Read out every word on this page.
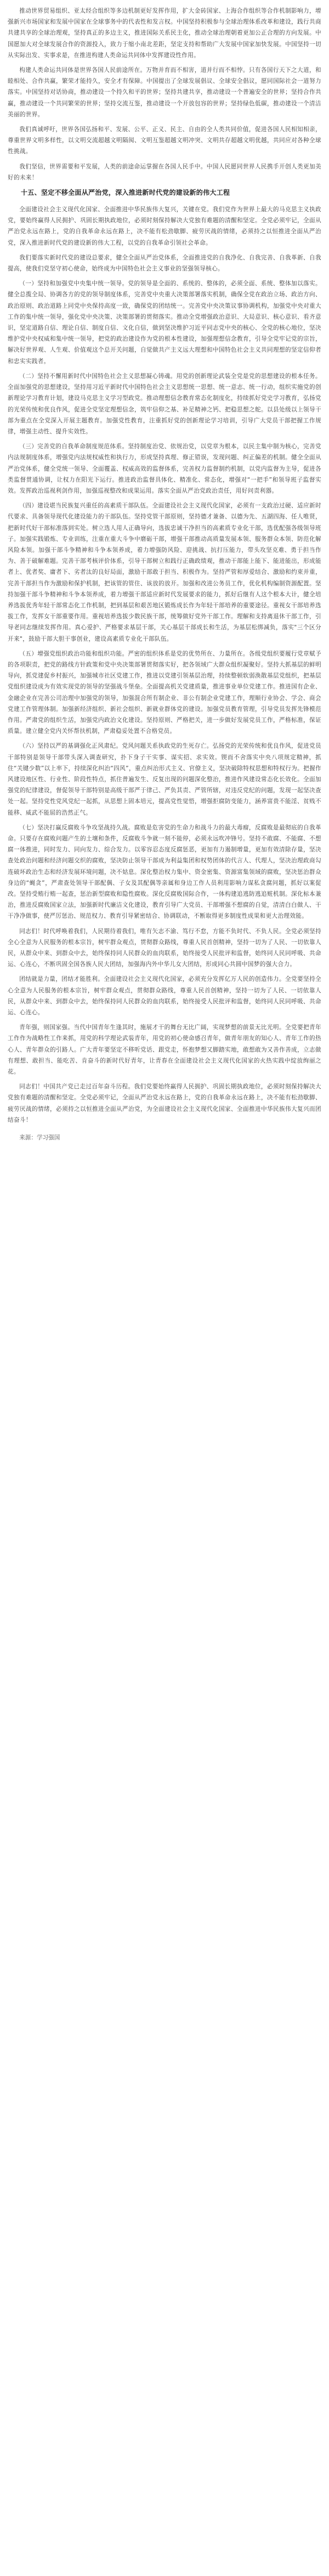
推动世界贸易组织、亚太经合组织等多边机制更好发挥作用，扩大金砖国家、上海合作组织等合作机制影响力，增强新兴市场国家和发展中国家在全球事务中的代表性和发言权。中国坚持积极参与全球治理体系改革和建设，践行共商共建共享的全球治理观，坚持真正的多边主义，推进国际关系民主化，推动全球治理朝着更加公正合理的方向发展。中国愿加大对全球发展合作的资源投入，致力于缩小南北差距，坚定支持和帮助广大发展中国家加快发展。中国坚持一切从实际出发、实事求是，在推进构建人类命运共同体中发挥建设性作用。

构建人类命运共同体是世界各国人民前途所在。万物并育而不相害，道并行而不相悖。只有各国行天下之大道，和睦相处、合作共赢，繁荣才能持久，安全才有保障。中国提出了全球发展倡议、全球安全倡议，愿同国际社会一道努力落实。中国坚持对话协商，推动建设一个持久和平的世界；坚持共建共享，推动建设一个普遍安全的世界；坚持合作共赢，推动建设一个共同繁荣的世界；坚持交流互鉴，推动建设一个开放包容的世界；坚持绿色低碳，推动建设一个清洁美丽的世界。

我们真诚呼吁，世界各国弘扬和平、发展、公平、正义、民主、自由的全人类共同价值，促进各国人民相知相亲，尊重世界文明多样性，以文明交流超越文明隔阂、文明互鉴超越文明冲突、文明共存超越文明优越，共同应对各种全球性挑战。

我们坚信，世界需要和平发展，人类的前途命运掌握在各国人民手中。中国人民愿同世界人民携手开创人类更加美好的未来！

十五、坚定不移全面从严治党，深入推进新时代党的建设新的伟大工程

全面建设社会主义现代化国家、全面推进中华民族伟大复兴，关键在党。我们党作为世界上最大的马克思主义执政党，要始终赢得人民拥护、巩固长期执政地位，必须时刻保持解决大党独有难题的清醒和坚定。全党必须牢记，全面从严治党永远在路上，党的自我革命永远在路上，决不能有松劲歇脚、疲劳厌战的情绪，必须持之以恒推进全面从严治党，深入推进新时代党的建设新的伟大工程，以党的自我革命引领社会革命。

我们要落实新时代党的建设总要求，健全全面从严治党体系，全面推进党的自我净化、自我完善、自我革新、自我提高，使我们党坚守初心使命，始终成为中国特色社会主义事业的坚强领导核心。

（一）坚持和加强党中央集中统一领导。党的领导是全面的、系统的、整体的，必须全面、系统、整体加以落实。健全总揽全局、协调各方的党的领导制度体系，完善党中央重大决策部署落实机制，确保全党在政治立场、政治方向、政治原则、政治道路上同党中央保持高度一致，确保党的团结统一。完善党中央决策议事协调机构，加强党中央对重大工作的集中统一领导，强化党中央决策、决策部署的贯彻落实。推动全党增强政治意识、大局意识、核心意识、看齐意识，坚定道路自信、理论自信、制度自信、文化自信，做到坚决维护习近平同志党中央的核心、全党的核心地位，坚决维护党中央权威和集中统一领导，把党的政治建设作为党的根本性建设，加强理想信念教育，引导全党牢记党的宗旨，解决好世界观、人生观、价值观这个总开关问题，自觉做共产主义远大理想和中国特色社会主义共同理想的坚定信仰者和忠实实践者。

（二）坚持不懈用新时代中国特色社会主义思想凝心铸魂。用党的创新理论武装全党是党的思想建设的根本任务。全面加强党的思想建设，坚持用习近平新时代中国特色社会主义思想统一思想、统一意志、统一行动，组织实施党的创新理论学习教育计划，建设马克思主义学习型政党。推动理想信念教育常态化制度化，持续抓好党史学习教育，弘扬党的光荣传统和优良作风，促进全党坚定理想信念，筑牢信仰之基、补足精神之钙、把稳思想之舵。以县处级以上领导干部为重点在全党深入开展主题教育。加强党性教育，注重抓好党的创新理论学习培训，引导广大党员干部把握工作规律，增强主动性、提升实效性。

（三）完善党的自我革命制度规范体系。坚持制度治党、依规治党，以党章为根本，以民主集中制为核心，完善党内法规制度体系，增强党内法规权威性和执行力，形成坚持真理、修正错误，发现问题、纠正偏差的机制。健全全面从严治党体系，健全党统一领导、全面覆盖、权威高效的监督体系，完善权力监督制约机制，以党内监督为主导，促进各类监督贯通协调，让权力在阳光下运行。推进政治监督具体化、精准化、常态化，增强对“一把手”和领导班子监督实效。发挥政治巡视利剑作用，加强巡视整改和成果运用。落实全面从严治党政治责任，用好问责利器。

（四）建设堪当民族复兴重任的高素质干部队伍。全面建设社会主义现代化国家，必须有一支政治过硬、适应新时代要求、具备领导现代化建设能力的干部队伍。坚持党管干部原则，坚持德才兼备、以德为先、五湖四海、任人唯贤，把新时代好干部标准落到实处。树立选人用人正确导向，选拔忠诚干净担当的高素质专业化干部，选优配强各级领导班子。加强实践锻炼、专业训练，注重在重大斗争中磨砺干部，增强干部推动高质量发展本领、服务群众本领、防范化解风险本领。加强干部斗争精神和斗争本领养成，着力增强防风险、迎挑战、抗打压能力，带头攻坚克难、勇于担当作为、善于破解难题。完善干部考核评价体系，引导干部树立和践行正确政绩观，推动干部能上能下、能进能出，形成能者上、优者奖、庸者下、劣者汰的良好局面，激励干部敢于担当、积极作为。坚持严管和厚爱结合、激励和约束并重，完善干部担当作为激励和保护机制，把该管的管住、该放的放开。加强和改进公务员工作，优化机构编制资源配置。坚持加强干部斗争精神和斗争本领养成，着力增强干部适应新时代发展要求的能力，抓好后继有人这个根本大计，健全培养选拔优秀年轻干部常态化工作机制，把到基层和艰苦地区锻炼成长作为年轻干部培养的重要途径。重视女干部培养选拔工作，发挥女干部重要作用。重视培养选拔少数民族干部，统筹做好党外干部工作。理解和支持离退休干部工作，引导老同志继续发挥作用。真心爱护、严格要求基层干部，关心基层干部成长和生活，为基层松绑减负，落实"三个区分开来"，鼓励干部大胆干事创业，建设高素质专业化干部队伍。

（五）增强党组织政治功能和组织功能。严密的组织体系是党的优势所在、力量所在。各级党组织要履行党章赋予的各项职责，把党的路线方针政策和党中央决策部署贯彻落实好，把各领域广大群众组织凝聚好。坚持大抓基层的鲜明导向，抓党建促乡村振兴，加强城市社区党建工作，推进以党建引领基层治理，持续整顿软弱涣散基层党组织，把基层党组织建设成为有效实现党的领导的坚强战斗堡垒。全面提高机关党建质量，推进事业单位党建工作。推进国有企业、金融企业在完善公司治理中加强党的领导，加强混合所有制企业、非公有制企业党建工作，理顺行业协会、学会、商会党建工作管理体制。加强新经济组织、新社会组织、新就业群体党的建设。加强党员教育管理，引导党员发挥先锋模范作用。严肃党的组织生活，加强党内政治文化建设。坚持原则、严格把关，进一步做好发展党员工作，严格标准，保证质量。建立健全党内关怀帮扶机制，严肃稳妥处置不合格党员。

（六）坚持以严的基调强化正风肃纪。党风问题关系执政党的生死存亡。弘扬党的光荣传统和优良作风，促进党员干部特别是领导干部带头深入调查研究，扑下身子干实事、谋实招、求实效。锲而不舍落实中央八项规定精神，抓住“关键少数”以上率下，持续深化纠治“四风”，重点纠治形式主义、官僚主义，坚决破除特权思想和特权行为。把握作风建设地区性、行业性、阶段性特点，抓住普遍发生、反复出现的问题深化整治，推进作风建设常态化长效化。全面加强党的纪律建设，督促领导干部特别是高级干部严于律己、严负其责、严管所辖，对违反党纪的问题，发现一起坚决查处一起。坚持党性党风党纪一起抓，从思想上固本培元，提高党性觉悟，增强拒腐防变能力，涵养富贵不能淫、贫贱不能移、威武不能屈的浩然正气。

（七）坚决打赢反腐败斗争攻坚战持久战。腐败是危害党的生命力和战斗力的最大毒瘤，反腐败是最彻底的自我革命。只要存在腐败问题产生的土壤和条件，反腐败斗争就一刻不能停，必须永远吹冲锋号。坚持不敢腐、不能腐、不想腐一体推进，同时发力、同向发力、综合发力。以零容忍态度反腐惩恶，更加有力遏制增量，更加有效清除存量，坚决查处政治问题和经济问题交织的腐败，坚决防止领导干部成为利益集团和权势团体的代言人、代理人，坚决治理政商勾连破坏政治生态和经济发展环境问题，决不姑息。深化整治权力集中、资金密集、资源富集领域的腐败，坚决惩治群众身边的“蝇贪”，严肃查处领导干部配偶、子女及其配偶等亲属和身边工作人员利用影响力谋私贪腐问题，抓好以案促改。坚持受贿行贿一起查，惩治新型腐败和隐性腐败。深化反腐败国际合作，一体构建追逃防逃追赃机制。深化标本兼治，推进反腐败国家立法，加强新时代廉洁文化建设，教育引导广大党员、干部增强不想腐的自觉，清清白白做人、干干净净做事，使严厉惩治、规范权力、教育引导紧密结合、协调联动，不断取得更多制度性成果和更大治理效能。

同志们！时代呼唤着我们，人民期待着我们，唯有矢志不渝、笃行不怠，方能不负时代、不负人民。全党必须坚持全心全意为人民服务的根本宗旨，树牢群众观点，贯彻群众路线，尊重人民首创精神，坚持一切为了人民、一切依靠人民，从群众中来、到群众中去，始终保持同人民群众的血肉联系，始终接受人民批评和监督，始终同人民同呼吸、共命运、心连心，不断巩固全国各族人民大团结，加强海内外中华儿女大团结，形成同心共圆中国梦的强大合力。

团结就是力量，团结才能胜利。全面建设社会主义现代化国家，必须充分发挥亿万人民的创造伟力。全党要坚持全心全意为人民服务的根本宗旨，树牢群众观点，贯彻群众路线，尊重人民首创精神，坚持一切为了人民、一切依靠人民，从群众中来、到群众中去，始终保持同人民群众的血肉联系，始终接受人民批评和监督，始终同人民同呼吸、共命运、心连心。

青年强，则国家强。当代中国青年生逢其时，施展才干的舞台无比广阔，实现梦想的前景无比光明。全党要把青年工作作为战略性工作来抓，用党的科学理论武装青年，用党的初心使命感召青年，做青年朋友的知心人、青年工作的热心人、青年群众的引路人。广大青年要坚定不移听党话、跟党走，怀抱梦想又脚踏实地，敢想敢为又善作善成，立志做有理想、敢担当、能吃苦、肯奋斗的新时代好青年，让青春在全面建设社会主义现代化国家的火热实践中绽放绚丽之花。

同志们！中国共产党已走过百年奋斗历程。我们党要始终赢得人民拥护、巩固长期执政地位，必须时刻保持解决大党独有难题的清醒和坚定。全党必须牢记，全面从严治党永远在路上，党的自我革命永远在路上，决不能有松劲歇脚、疲劳厌战的情绪，必须持之以恒推进全面从严治党，为全面建设社会主义现代化国家、全面推进中华民族伟大复兴而团结奋斗！

来源：学习强国
